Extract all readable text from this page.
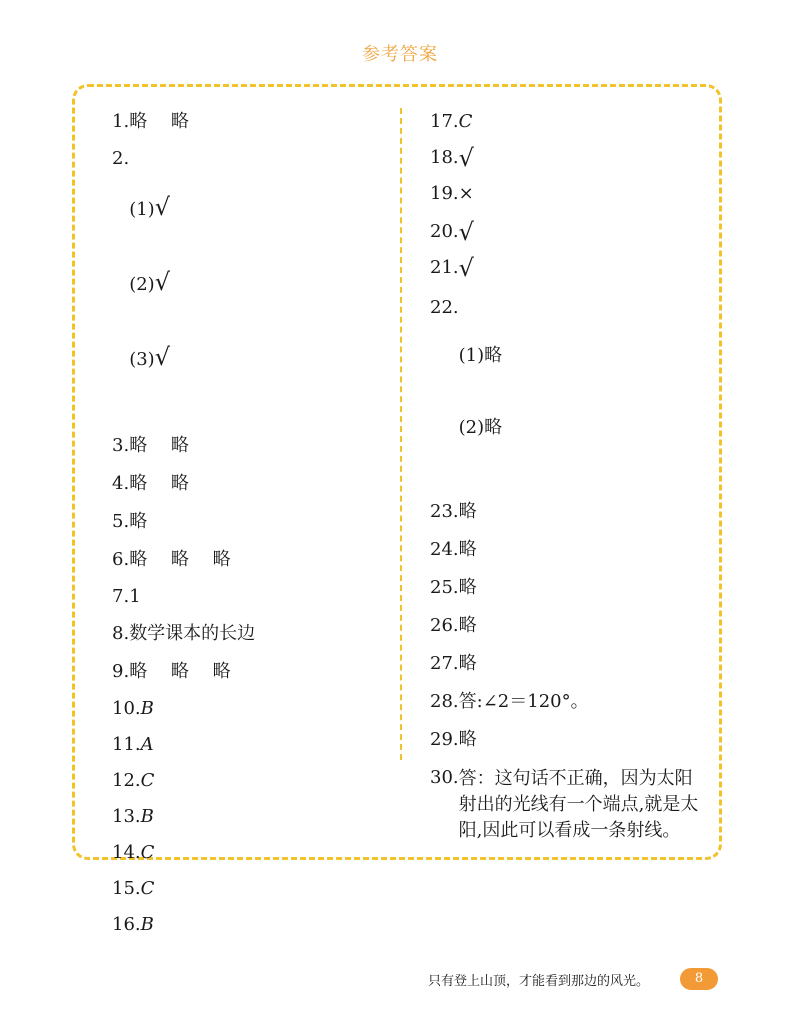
参考答案
1. 略　 略
2.

(1)√

(2)√

(3)√

3. 略　 略
4. 略　 略
5. 略
6. 略　 略　 略
7. 1
8. 数学课本的长边
9. 略　 略　 略
10. B
11. A
12. C
13. B
14. C
15. C
16. B
17. C
18. √
19. ×
20. √
21. √
22.

(1)略

(2)略

23. 略
24. 略
25. 略
26. 略
27. 略
28. 答:∠2＝120°。
29. 略
30. 答：这句话不正确，因为太阳射出的光线有一个端点,就是太阳,因此可以看成一条射线。
只有登上山顶，才能看到那边的风光。	8
